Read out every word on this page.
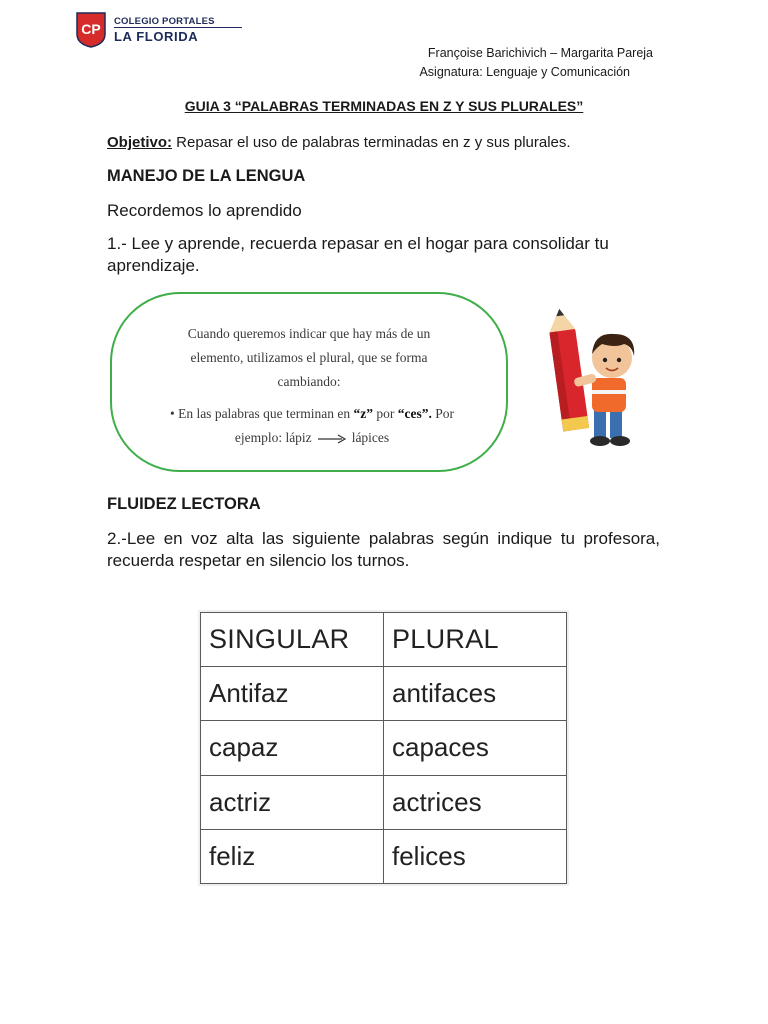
CP COLEGIO PORTALES
LA FLORIDA
Françoise Barichivich – Margarita Pareja
Asignatura: Lenguaje y Comunicación
GUIA 3 “PALABRAS TERMINADAS EN Z Y SUS PLURALES”
Objetivo: Repasar el uso de palabras terminadas en z y sus plurales.
MANEJO DE LA LENGUA
Recordemos lo aprendido
1.- Lee y aprende, recuerda repasar en el hogar para consolidar tu aprendizaje.
Cuando queremos indicar que hay más de un
elemento, utilizamos el plural, que se forma
cambiando:
• En las palabras que terminan en “z” por “ces”. Por
ejemplo: lápiz	lápices
FLUIDEZ LECTORA
2.-Lee en voz alta las siguiente palabras según indique tu profesora, recuerda respetar en silencio los turnos.
SINGULAR	PLURAL
Antifaz	antifaces
capaz	capaces
actriz	actrices
feliz	felices
